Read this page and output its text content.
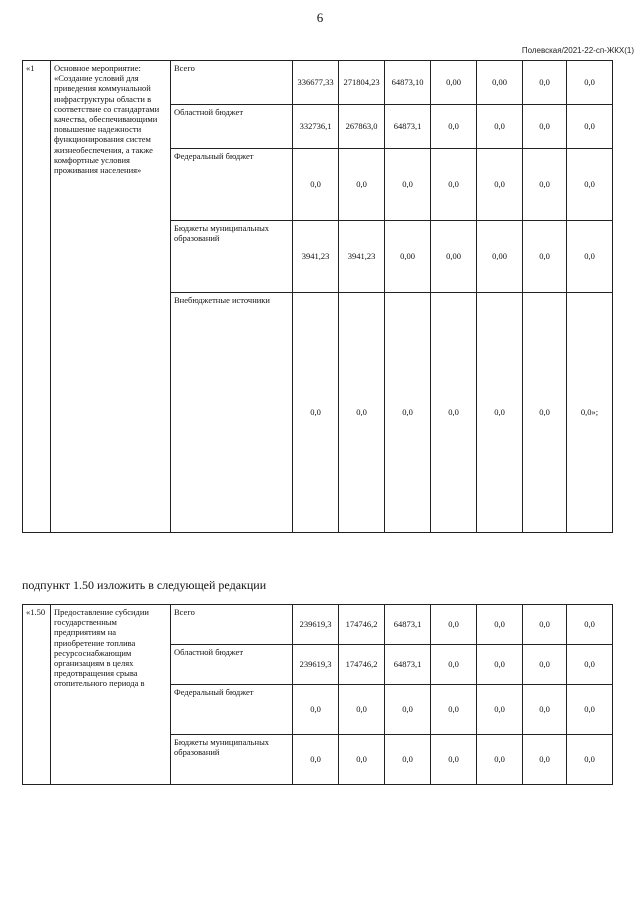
6
Полевская/2021-22-сп-ЖКХ(1)
«1	Основное мероприятие: «Создание условий для приведения коммунальной инфраструктуры области в соответствие со стандартами качества, обеспечивающими повышение надежности функционирования систем жизнеобеспечения, а также комфортные условия проживания населения»	Всего	336677,33	271804,23	64873,10	0,00	0,00	0,0	0,0
		Областной бюджет	332736,1	267863,0	64873,1	0,0	0,0	0,0	0,0
		Федеральный бюджет	0,0	0,0	0,0	0,0	0,0	0,0	0,0
		Бюджеты муниципальных образований	3941,23	3941,23	0,00	0,00	0,00	0,0	0,0
		Внебюджетные источники	0,0	0,0	0,0	0,0	0,0	0,0	0,0»;
подпункт 1.50 изложить в следующей редакции
«1.50	Предоставление субсидии государственным предприятиям на приобретение топлива ресурсоснабжающим организациям в целях предотвращения срыва отопительного периода в	Всего	239619,3	174746,2	64873,1	0,0	0,0	0,0	0,0
		Областной бюджет	239619,3	174746,2	64873,1	0,0	0,0	0,0	0,0
		Федеральный бюджет	0,0	0,0	0,0	0,0	0,0	0,0	0,0
		Бюджеты муниципальных образований	0,0	0,0	0,0	0,0	0,0	0,0	0,0
